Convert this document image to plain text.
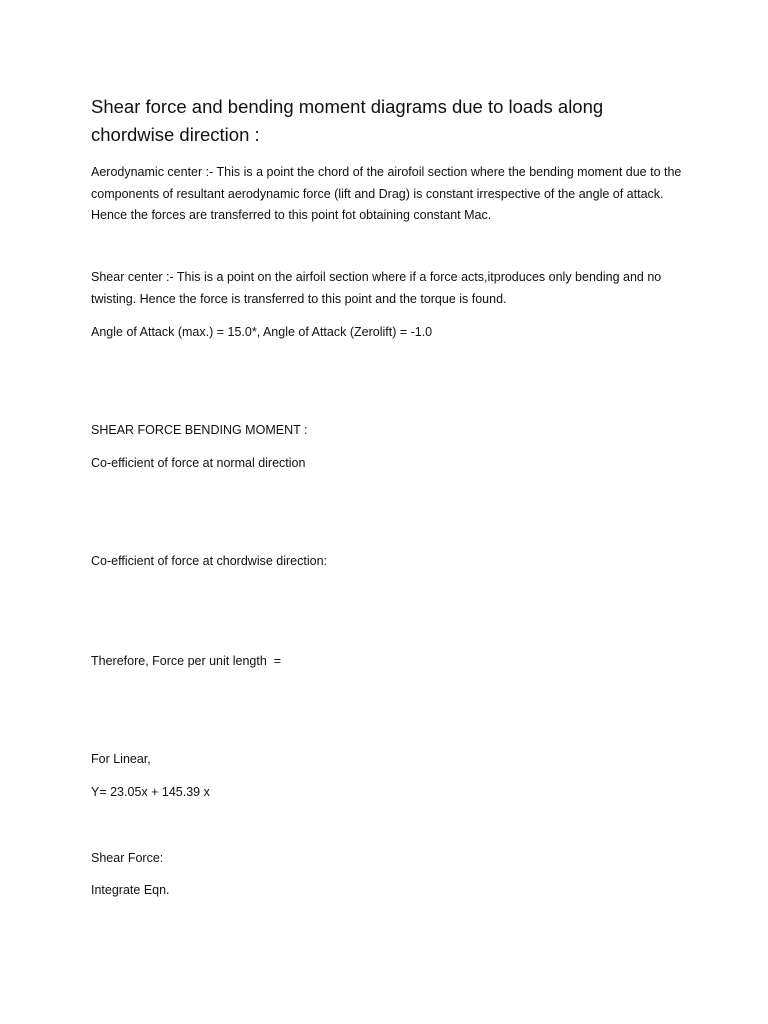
Shear force and bending moment diagrams due to loads along chordwise direction :
Aerodynamic center :- This is a point the chord of the airofoil section where the bending moment due to the components of resultant aerodynamic force (lift and Drag) is constant irrespective of the angle of attack. Hence the forces are transferred to this point fot obtaining constant Mac.
Shear center :- This is a point on the airfoil section where if a force acts,itproduces only bending and no twisting. Hence the force is transferred to this point and the torque is found.
Angle of Attack (max.) = 15.0*, Angle of Attack (Zerolift) = -1.0
SHEAR FORCE BENDING MOMENT :
Co-efficient of force at normal direction
Co-efficient of force at chordwise direction:
Therefore, Force per unit length  =
For Linear,
Y= 23.05x + 145.39 x
Shear Force:
Integrate Eqn.
